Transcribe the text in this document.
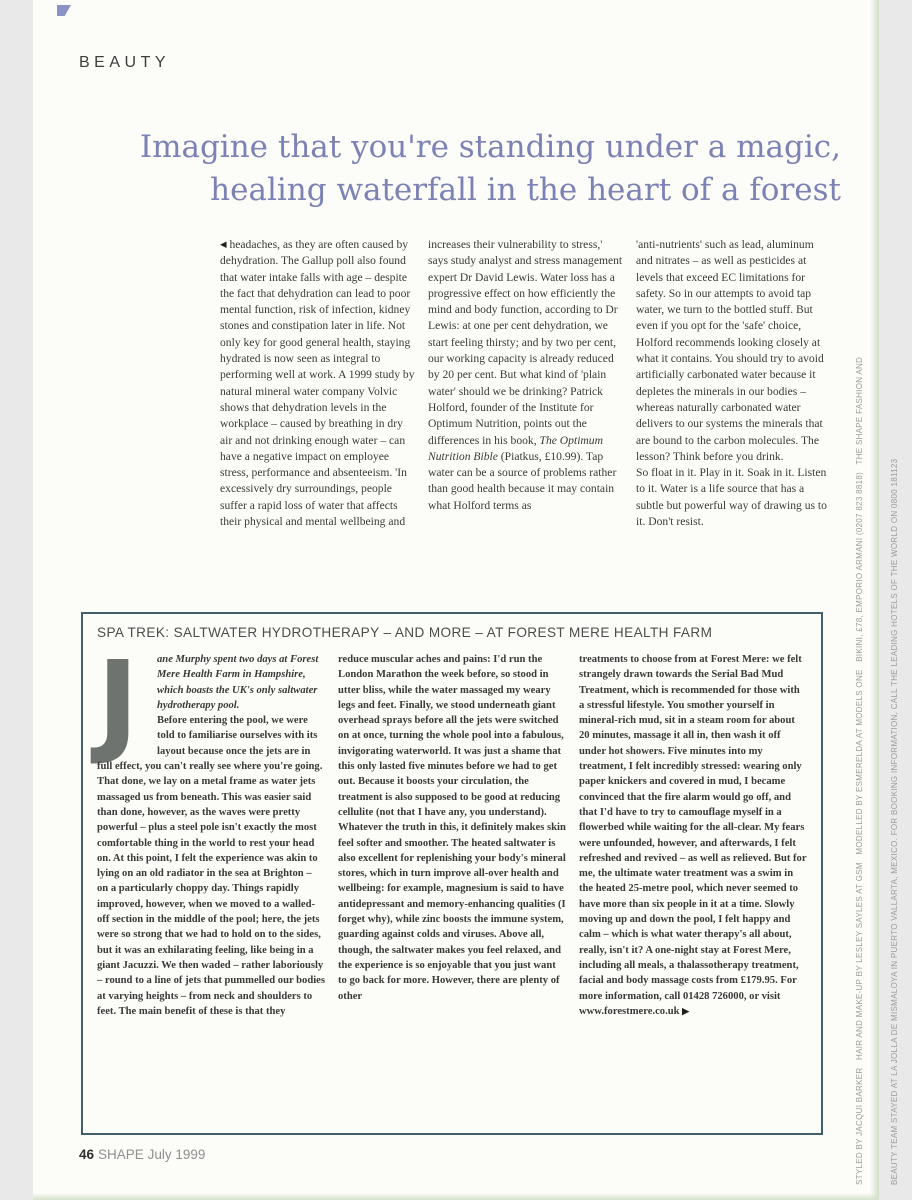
BEAUTY
Imagine that you're standing under a magic,
healing waterfall in the heart of a forest

◀ headaches, as they are often caused by dehydration. The Gallup poll also found that water intake falls with age – despite the fact that dehydration can lead to poor mental function, risk of infection, kidney stones and constipation later in life. Not only key for good general health, staying hydrated is now seen as integral to performing well at work. A 1999 study by natural mineral water company Volvic shows that dehydration levels in the workplace – caused by breathing in dry air and not drinking enough water – can have a negative impact on employee stress, performance and absenteeism. 'In excessively dry surroundings, people suffer a rapid loss of water that affects their physical and mental wellbeing and

increases their vulnerability to stress,' says study analyst and stress management expert Dr David Lewis. Water loss has a progressive effect on how efficiently the mind and body function, according to Dr Lewis: at one per cent dehydration, we start feeling thirsty; and by two per cent, our working capacity is already reduced by 20 per cent. But what kind of 'plain water' should we be drinking? Patrick Holford, founder of the Institute for Optimum Nutrition, points out the differences in his book, The Optimum Nutrition Bible (Piatkus, £10.99). Tap water can be a source of problems rather than good health because it may contain what Holford terms as

'anti-nutrients' such as lead, aluminum and nitrates – as well as pesticides at levels that exceed EC limitations for safety. So in our attempts to avoid tap water, we turn to the bottled stuff. But even if you opt for the 'safe' choice, Holford recommends looking closely at what it contains. You should try to avoid artificially carbonated water because it depletes the minerals in our bodies – whereas naturally carbonated water delivers to our systems the minerals that are bound to the carbon molecules. The lesson? Think before you drink.

So float in it. Play in it. Soak in it. Listen to it. Water is a life source that has a subtle but powerful way of drawing us to it. Don't resist.

SPA TREK: SALTWATER HYDROTHERAPY – AND MORE – AT FOREST MERE HEALTH FARM
J	ane Murphy spent two days at Forest Mere Health Farm in Hampshire, which boasts the UK's only saltwater hydrotherapy pool.
Before entering the pool, we were told to familiarise ourselves with its layout because once the jets are in full effect, you can't really see where you're going. That done, we lay on a metal frame as water jets massaged us from beneath. This was easier said than done, however, as the waves were pretty powerful – plus a steel pole isn't exactly the most comfortable thing in the world to rest your head on. At this point, I felt the experience was akin to lying on an old radiator in the sea at Brighton – on a particularly choppy day. Things rapidly improved, however, when we moved to a walled-off section in the middle of the pool; here, the jets were so strong that we had to hold on to the sides, but it was an exhilarating feeling, like being in a giant Jacuzzi. We then waded – rather laboriously – round to a line of jets that pummelled our bodies at varying heights – from neck and shoulders to feet. The main benefit of these is that they
reduce muscular aches and pains: I'd run the London Marathon the week before, so stood in utter bliss, while the water massaged my weary legs and feet. Finally, we stood underneath giant overhead sprays before all the jets were switched on at once, turning the whole pool into a fabulous, invigorating waterworld. It was just a shame that this only lasted five minutes before we had to get out. Because it boosts your circulation, the treatment is also supposed to be good at reducing cellulite (not that I have any, you understand). Whatever the truth in this, it definitely makes skin feel softer and smoother. The heated saltwater is also excellent for replenishing your body's mineral stores, which in turn improve all-over health and wellbeing: for example, magnesium is said to have antidepressant and memory-enhancing qualities (I forget why), while zinc boosts the immune system, guarding against colds and viruses. Above all, though, the saltwater makes you feel relaxed, and the experience is so enjoyable that you just want to go back for more. However, there are plenty of other
treatments to choose from at Forest Mere: we felt strangely drawn towards the Serial Bad Mud Treatment, which is recommended for those with a stressful lifestyle. You smother yourself in mineral-rich mud, sit in a steam room for about 20 minutes, massage it all in, then wash it off under hot showers. Five minutes into my treatment, I felt incredibly stressed: wearing only paper knickers and covered in mud, I became convinced that the fire alarm would go off, and that I'd have to try to camouflage myself in a flowerbed while waiting for the all-clear. My fears were unfounded, however, and afterwards, I felt refreshed and revived – as well as relieved. But for me, the ultimate water treatment was a swim in the heated 25-metre pool, which never seemed to have more than six people in it at a time. Slowly moving up and down the pool, I felt happy and calm – which is what water therapy's all about, really, isn't it? A one-night stay at Forest Mere, including all meals, a thalassotherapy treatment, facial and body massage costs from £179.95. For more information, call 01428 726000, or visit www.forestmere.co.uk ▶

	STYLED BY JACQUI BARKER   HAIR AND MAKE-UP BY LESLEY SAYLES AT GSM   MODELLED BY ESMERELDA AT MODELS ONE   BIKINI, £78, EMPORIO ARMANI (0207 823 8818)   THE SHAPE FASHION AND

	BEAUTY TEAM STAYED AT LA JOLLA DE MISMALOYA IN PUERTO VALLARTA, MEXICO. FOR BOOKING INFORMATION, CALL THE LEADING HOTELS OF THE WORLD ON 0800 181123

46 SHAPE July 1999
